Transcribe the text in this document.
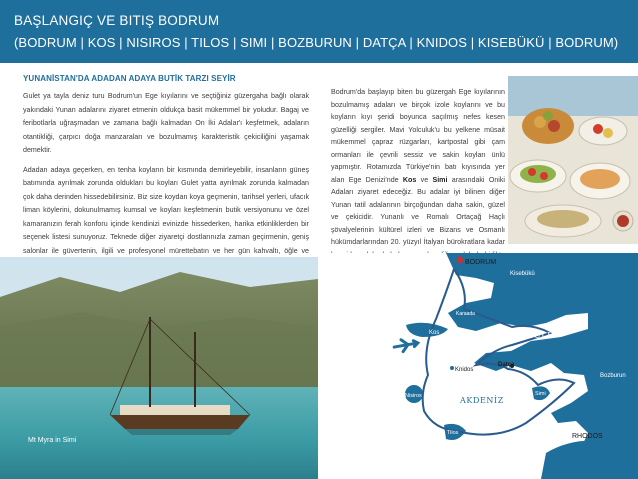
BAŞLANGIÇ VE BITIŞ BODRUM
(BODRUM | KOS | NISIROS | TILOS | SIMI | BOZBURUN | DATÇA | KNIDOS | KISEBÜKÜ | BODRUM)
YUNANİSTAN'DA ADADAN ADAYA BUTİK TARZI SEYİR

Gulet ya tayla deniz turu Bodrum'un Ege kıyılarını ve seçtiğiniz güzergaha bağlı olarak yakındaki Yunan adalarını ziyaret etmenin oldukça basit mükemmel bir yoludur. Bagaj ve feribotlarla uğraşmadan ve zamana bağlı kalmadan On İki Adalar'ı keşfetmek, adaların otantikliği, çarpıcı doğa manzaraları ve bozulmamış karakteristik çekiciliğini yaşamak demektir.

Adadan adaya geçerken, en tenha koyların bir kısmında demirleyebilir, insanların güneş batımında ayrılmak zorunda oldukları bu koyları Gulet yatta ayrılmak zorunda kalmadan çok daha derinden hissedebilirsiniz. Biz size koydan koya geçmenin, tarihsel yerleri, ufacık liman köylerini, dokunulmamış kumsal ve koyları keşfetmenin butik versiyonunu ve özel kamaranızın ferah konforu içinde kendinizi evinizde hissederken, harika etkinliklerden bir seçenek listesi sunuyoruz. Teknede diğer ziyaretçi dostlarınızla zaman geçirmenin, geniş salonlar ile güvertenin, ilgili ve profesyonel mürettebatın ve her gün kahvaltı, öğle ve

Bodrum'da başlayıp biten bu güzergah Ege kıyılarının bozulmamış adaları ve birçok izole koylarını ve bu koyların kıyı şeridi boyunca saçılmış nefes kesen güzelliği sergiler. Mavi Yolculuk'u bu yelkene müsait mükemmel çapraz rüzgarları, kartpostal gibi çam ormanları ile çevrili sessiz ve sakin koyları ünlü yapmıştır. Rotamızda Türkiye'nin batı kıyısında yer alan Ege Denizi'nde Kos ve Simi arasındaki Oniki Adaları ziyaret edeceğiz. Bu adalar iyi bilinen diğer Yunan tatil adalarının birçoğundan daha sakin, güzel ve çekicidir. Yunanlı ve Romalı Ortaçağ Haçlı şövalyelerinin kültürel izleri ve Bizans ve Osmanlı hükümdarlarından 20. yüzyıl İtalyan bürokratlara kadar
Mt Myra in Simi
BODRUM
Kisebükü
Karaada
Kos	GÖKOVA GULF
Datça
Knidos
Bozburun
Nisiros	AKDENİZ
Simi
Tilos	RHODOS
